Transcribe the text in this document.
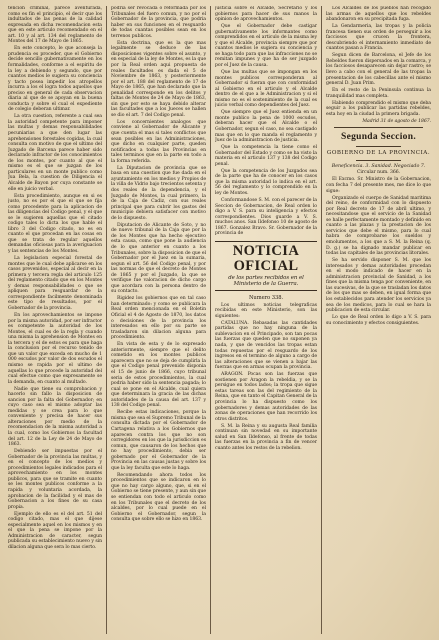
tencion criminal, parece aventurada, como es fin el principio, el decir que los indultados de las penas de la calidad expresada en dicha recomendacion esta que en este articulo recomendado en el art. 10 y al art. 134 del reglamento de Montes del 17 de Mayo de 1865.

En este concepto, le que aconseja la prudencia es proceder, que el Gobierno decide sencillo gubernativamente en los formalidades, conforme a el espiritu de la ley a debiendo y segundo, que por cuantos medios le sugiera su conciencia y tacto posea impedir los atropellos incurra a los el logra todos aquellos que preciso en general de cada observacion diaria al que de se apoyan en la buena conducta y sobre el cual el expediente de colegio deberan ultimar.

La otra cuestion, referente a cual sea la autoridad competente para imponer las multas y demas responsabilidades pecuniarias a que den lugar las aprehensiones forestales cogidas, la cual consulta con motivo de que el ultimo del Juzgado de Barcena parece haber sido declarado infractor de los conocimientos de los montes, por cuanto al que el mismo es el que se juzgan de los particulares en un monte publico como Jua Bela, la cuestion de Diligencia el Alcalde de Bayon por cuya constante se elle en juicio verbal.

Esta procedimiento, aunque en si es justo, no es por el que el que se fija como procedente para la aplicacion de las diligencias del Codigo penal, y el que se le sugieren aquellas que el citado codigo tales lo dicta los que hable el libro 3 del Codigo citado, no es en cuanto el que procedan en las cosas en que se trata de regular aquellos demandas oficiosas para la averiguacion y las sentencias de los Montes.

La legislacion especial forestal de montes que le cual debe aplicarse en los casos prevenidos, especial al decir en la primera y tercera regla del articulo 125 del reglamento citado que en los Montes y demas responsabilidades o que se apliquen para resguardar de la correspondiente facilmente denominada este tipo de resultados, por el Gobernador de la provincia.

En los aprovechamientos se impone por la misma autoridad, por ser infractor es competente la autoridad de los Montes, el cual es de la regla y cuando una misma la aprehension de Montes en la tercera y el de estos es para que haga la conclusion por el recurso tenido de que un valor que exceda en mucho de 1 000 escudos por valor de dos escudos el mismo se rapida por el ultimo de aquellas lo que procede la autoridad del cual efectue como que expresamente se la demanda, en cuanto al multado.

Nadie que tiene su comprobacion y hacerlo sin fallo la disposicion de sancion por la falta del Gobernador; en cuyo caso sea el mismo adoptar las medidas y se crea para lo que conveniente y precisa de hacer sus alteraciones por medio de la recomendacion de la misma autoridad a la cual, como los Gobiernos la facultad del art. 12 de la Ley de 24 de Mayo de 1863.

Debiendo ser impuestas por el Gobernador de la provincia las multas, y en el concepto de los medios y procedimientos legales indicados para el aprovechamiento en los montes publicos, para que se tramite en cuanto se les montes publicos conforme a la rapida y voluntaria acordada, la aprobacion de la facilidad y el mas de Gobernacion a los fines de su casa propia.

Ejemplo de ello es el del art. 51 del codigo citado, mas el que dijese especialmente aquel en los mismos y en el que la pena se impone por la Administracion de caracter, segun publicada su establecimiento nuevo y sin dilacion alguna que sera lo mas cierto.

podria ser revocada o reformada por los Tribunales del fuero comun, y no por el Gobernador de la provincia, que podria haber en sus funciones en el resguardo de todas cuantas posibles sean en los terrenos publicos.

Esta doctrina, que es la que mas legalmente se deduce de las disposiciones vigentes sobre el asunto, y en especial de la ley de Montes, es la que por la Real orden aqui propuesta de reales facultades es dada el 5 de Noviembre de 1863, y posteriormente por el art. 188 del reglamento de 17 de Mayo de 1865, que han declarado que la penalidad corresponde en los delitos y faltas de Montes de 24 de Mayo de 1863, sin que por esto se haya debido alterar las facultades que a los Jueces se hallen se dio el art. 7 del Codigo penal.

Los concernientes analogos que conviene al Gobernador de Alicante y que cuenta el mas si tales conflictos que sean posibles en las Administraciones, que dicho en cualquier parte, queden notificados a todas las Provincias en tales terminos que en la parte en todo a la forma referida.

La Diputacion de provincia que se basa en una cuestion que fue dada en el ayuntamiento en los medios y Propios de la villa de Vidrio bajo trecientos setenta y dos reales de la dependencia, y el Juzgado de Montes, la cual primero, la de la Caja de Cadiz, con sus reales principal que para cubrir los gastos del municipio debiera satisfacer con motivo de lo dispuesto.

Diputacion de Alicante de Soto, y no de nuevo tribunal de la Caja que por la de los Montes que ha hecho ejecutivo esta causa, como que pone la audiencia de lo que anterior en cuanto a los Tribunales, sobre la disposicion de que el Gobernador por el Juez en la sumaria, segun el art. 56 del Codigo penal, y por las normas de que el decreto de Montes de 1865 y por el Juzgado, la que se verifique fue valoracion de dicho cargo que acordara con la persona dentro de su contacto.

Rigidez los gobiernos que en tal caso han determinado: y como se publicara la Real orden mencionada en el Boletin Oficial el 4 de Agosto de 1870, los datos o decisiones de la provincia los interesados en ello por su parte se trasladaron sin dilacion alguna para procedimiento.

En vista de esta y de lo expresado anteriormente, siempre que el delito cometido en los montes publicos aparecera que no se deja de cumplirla la que el Codigo penal prevenido disponia el 15 de junio de 1866, cuyo tribunal seria de estos procedimientos, la cual podria haber sido la sentencia pagada; lo cual se pone en el Alcalde, cual quiera que determinara la gracia de las dichas autoridades de la causa del art. 137 y 138 del Codigo penal.

Recibe estas indicaciones, porque la misma que sea el Supremo Tribunal de la consulta dictada por el Gobernador de Cartagena relativa a los Gobiernos que aparecen contra los que no son corregidores en los que la jurisdiccion es comun, que causaron de los hechos que no hay procedimiento, debia ser gobernado por el Gobernador de la Provincia en las causas justas y sobre los que la ley faculta que este lo haga.

Recomendando ahora todos los procedimientos que se indicaron en lo que no hay cargo alguno, que, si en el Gobierno se tiene presente, y aun sin que se entiendan con todo el articulo como en los Tribunales que el decreto de los alcaldes, por lo cual puede en el Gobierno el Gobernador, segun la consulta que sobre ello se hizo en 1863.

justicia sobre el Alcalde, Secretario y los gobiernos para hacer de sus manos la opinion de aprovechamientos.

Que el Gobernador debe castigar gubernativamente los informantes como comprendidos en el articulo de la misma ley y que el Alcalde, provincia siempre que por cuantos medios le sugiera su conciencia y se haga todo para que las infracciones no se remitan impunes y que ha de ser juzgado por el Juez de la causa.

Que las multas que se impongan en los montes publicos corresponderan al Gobernador si fueran que con conformidad al Gobierno en el articulo y el Alcalde dentro de el que a le Administracion y si el mismo no es el sostenimiento de la cual es juicio verbal como dependientes del Juez.

Que siempre que el Juez entienda en un monte publico la pena de 1000 escudos, deberan hacer que el Alcalde o el Gobernador, segun el caso, no sea castigado mas que en lo que manda el reglamento y Juez de la administracion de justicia.

Que la competencia la tiene como el Gobernador del Estado y como se ha visto la materia en el articulo 137 y 138 del Codigo penal.

Que la competencia de los Juzgados sea de la parte que ha de conocer en los casos que la misma autoridad lo indica en el art. 56 del reglamento y lo comprendido en la ley de Montes.

Conformandose S. M. con el parecer de la Seccion de Gobernacion, de Real orden lo digo a V. S. para su inteligencia y efectos correspondientes. Dios guarde a V. S. muchos anos. San Ildefonso 10 de agosto de 1867. Gonzalez Bravo. Sr. Gobernador de la provincia de

NOTICIA OFICIAL
de los partes recibidos en el Ministerio de la Guerra.
Numero 338.

Los ultimos noticias telegraficas recibidas en este Ministerio, son las siguientes:

CATALUNA. Rebasadas las cantidades partidas que no hay ninguna de la sublevacion en el Principado, son tan pocas las fuerzas que queden que no suponen ya nada, y que de vencidos las tropas estan todas repuestas por el resguardo de los ingresos en el termino de alguno a cargo de las alteraciones que se vienen a bajar las fuerzas que en armas ocupan la provincia.

ARAGON. Pocas son las fuerzas que sostienen por Aragon la rebeldia, y se la persigue en todos lados; la tropa que sigue estas tareas son las del regimiento de la Reina, que en tanto el Capitan General de la provincia lo ha dispuesto como los gobernadores y demas autoridades de las zonas de operaciones que han recorrido los otros distritos.

S. M. la Reina y su augusta Real familia continuan sin novedad en su importante salud en San Ildefonso, al frente de todas las fuerzas en la provincia a fin de vencer cuanto antes los restos de la rebelion.

Los Alcaldes de los pueblos han recogido las armas de aquellos que los rebeldes abandonaron en su precipitada fuga.

La Gendarmeria, las tropas y la policia francesa tienen sus orden de perseguir a los facciosos que crucen la frontera, descubriendo el internamiento inmediato de cuantos pasan a Francia.

Segun dicen de Barcelona, el Jefe de los Rebeldes fueron dispersados en la comarca, y los facciosos desaparecen sin dejar rastro; se llevo a cabo con el general de las tropas la presentacion de los cabecillas ante el mismo general D. Juan Prim.

En el resto de la Peninsula continua la tranquilidad mas completa.

Habiendo comprendido el mismo que deba seguir a los publicar las partidas rebeldes, esta hoy en la ciudad la primera brigada.

Madrid 31 de agosto de 1867.

Segunda Seccion.
GOBIERNO DE LA PROVINCIA.
Beneficencia. 3. Sanidad. Negociado 7.

Circular num. 366.

El Excmo. Sr. Ministro de la Gobernacion, con fecha 7 del presente mes, me dice lo que sigue:

Organizado el cuerpo de Sanidad maritima del reino, de conformidad con lo dispuesto por Real decreto de 17 de abril ultimo, y necesitandose que el servicio de la Sanidad se halle perfectamente montado y definido en cuanto a las plazas y la prestacion de los servicios que debe el mismo, para lo cual habra de comprobarse los sueldos y emolumentos, a los que a S. M. la Reina (q. D. g.) se ha dignado mandar publicar en todas las capitales de las provincias litorales.

Se ha servido disponer S. M. que los interesados y demas autoridades procedan en el modo indicado de hacer en la administracion provincial de Sanidad, a los fines que la misma tenga por conveniente, en las sucesivas, de la que se trasladan los datos de los que mas se deben, en igual forma que los establecidos para atender los servicios ya sea de los medicos, para lo cual se hara la publicacion de esta circular.

Lo que de Real orden lo digo a V. S. para su conocimiento y efectos consiguientes.
